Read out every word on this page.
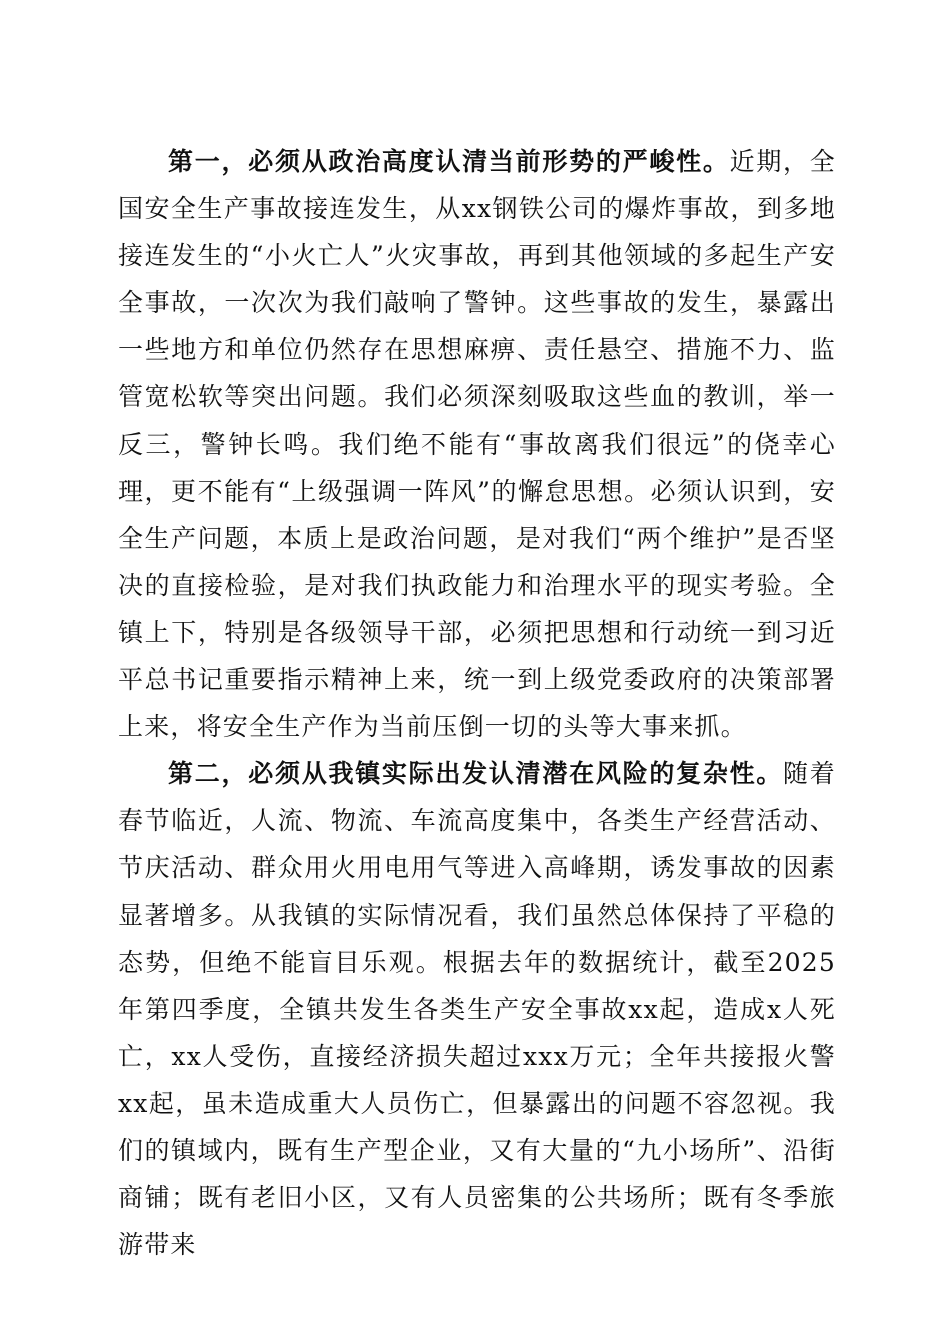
第一，必须从政治高度认清当前形势的严峻性。近期，全国安全生产事故接连发生，从xx钢铁公司的爆炸事故，到多地接连发生的“小火亡人”火灾事故，再到其他领域的多起生产安全事故，一次次为我们敲响了警钟。这些事故的发生，暴露出一些地方和单位仍然存在思想麻痹、责任悬空、措施不力、监管宽松软等突出问题。我们必须深刻吸取这些血的教训，举一反三，警钟长鸣。我们绝不能有“事故离我们很远”的侥幸心理，更不能有“上级强调一阵风”的懈怠思想。必须认识到，安全生产问题，本质上是政治问题，是对我们“两个维护”是否坚决的直接检验，是对我们执政能力和治理水平的现实考验。全镇上下，特别是各级领导干部，必须把思想和行动统一到习近平总书记重要指示精神上来，统一到上级党委政府的决策部署上来，将安全生产作为当前压倒一切的头等大事来抓。

第二，必须从我镇实际出发认清潜在风险的复杂性。随着春节临近，人流、物流、车流高度集中，各类生产经营活动、节庆活动、群众用火用电用气等进入高峰期，诱发事故的因素显著增多。从我镇的实际情况看，我们虽然总体保持了平稳的态势，但绝不能盲目乐观。根据去年的数据统计，截至2025年第四季度，全镇共发生各类生产安全事故xx起，造成x人死亡，xx人受伤，直接经济损失超过xxx万元；全年共接报火警xx起，虽未造成重大人员伤亡，但暴露出的问题不容忽视。我们的镇域内，既有生产型企业，又有大量的“九小场所”、沿街商铺；既有老旧小区，又有人员密集的公共场所；既有冬季旅游带来
